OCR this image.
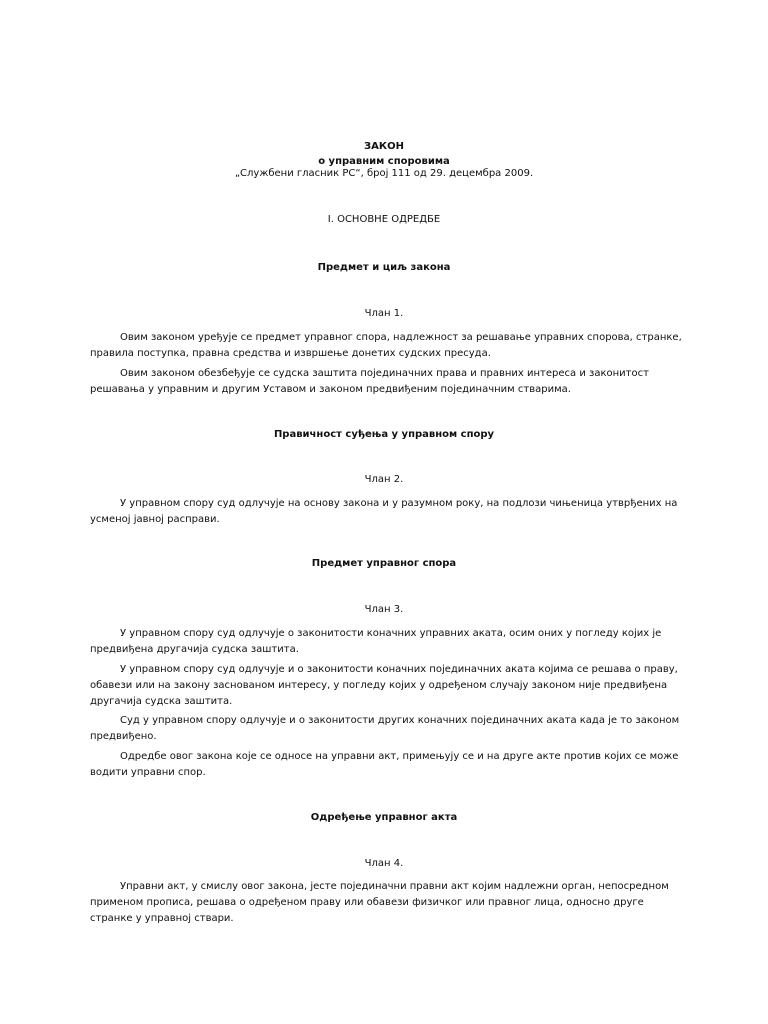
ЗАКОН
о управним споровима
„Службени гласник РС“, број 111 од 29. децембра 2009.
I. ОСНОВНЕ ОДРЕДБЕ
Предмет и циљ закона
Члан 1.
Овим законом уређује се предмет управног спора, надлежност за решавање управних спорова, странке, правила поступка, правна средства и извршење донетих судских пресуда.
Овим законом обезбеђује се судска заштита појединачних права и правних интереса и законитост решавања у управним и другим Уставом и законом предвиђеним појединачним стварима.
Правичност суђења у управном спору
Члан 2.
У управном спору суд одлучује на основу закона и у разумном року, на подлози чињеница утврђених на усменој јавној расправи.
Предмет управног спора
Члан 3.
У управном спору суд одлучује о законитости коначних управних аката, осим оних у погледу којих је предвиђена другачија судска заштита.
У управном спору суд одлучује и о законитости коначних појединачних аката којима се решава о праву, обавези или на закону заснованом интересу, у погледу којих у одређеном случају законом није предвиђена другачија судска заштита.
Суд у управном спору одлучује и о законитости других коначних појединачних аката када је то законом предвиђено.
Одредбе овог закона које се односе на управни акт, примењују се и на друге акте против којих се може водити управни спор.
Одређење управног акта
Члан 4.
Управни акт, у смислу овог закона, јесте појединачни правни акт којим надлежни орган, непосредном применом прописа, решава о одређеном праву или обавези физичког или правног лица, односно друге странке у управној ствари.
